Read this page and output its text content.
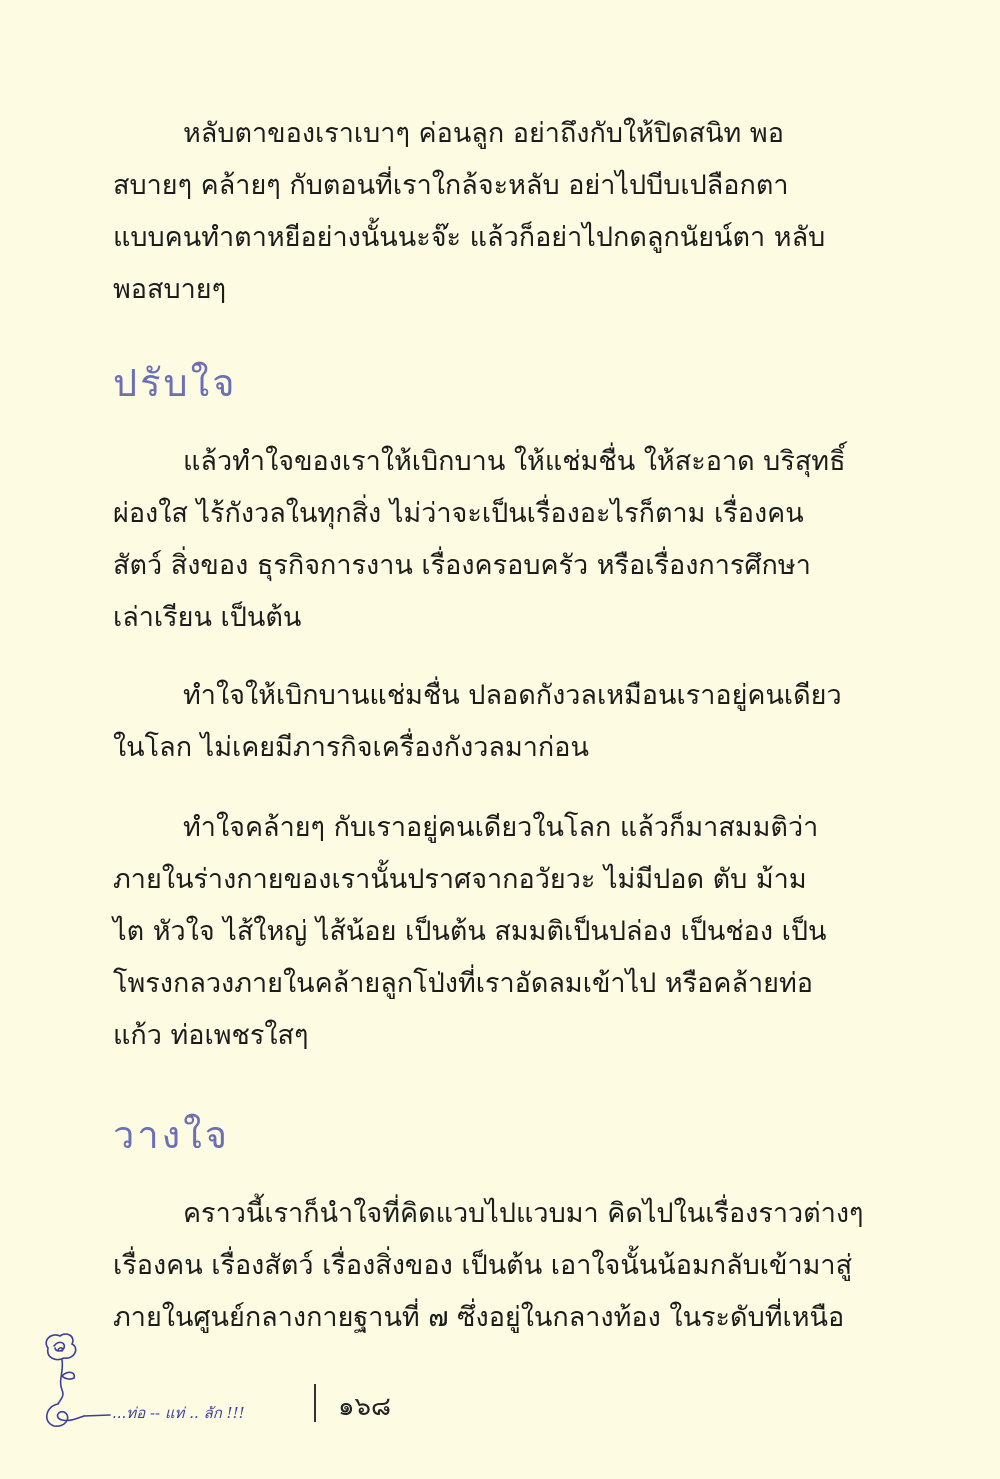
หลับตาของเราเบาๆ ค่อนลูก อย่าถึงกับให้ปิดสนิท พอ
สบายๆ คล้ายๆ กับตอนที่เราใกล้จะหลับ อย่าไปบีบเปลือกตา
แบบคนทำตาหยีอย่างนั้นนะจ๊ะ แล้วก็อย่าไปกดลูกนัยน์ตา หลับ
พอสบายๆ
ปรับใจ
แล้วทำใจของเราให้เบิกบาน ให้แช่มชื่น ให้สะอาด บริสุทธิ์
ผ่องใส ไร้กังวลในทุกสิ่ง ไม่ว่าจะเป็นเรื่องอะไรก็ตาม เรื่องคน
สัตว์ สิ่งของ ธุรกิจการงาน เรื่องครอบครัว หรือเรื่องการศึกษา
เล่าเรียน เป็นต้น
ทำใจให้เบิกบานแช่มชื่น ปลอดกังวลเหมือนเราอยู่คนเดียว
ในโลก ไม่เคยมีภารกิจเครื่องกังวลมาก่อน
ทำใจคล้ายๆ กับเราอยู่คนเดียวในโลก แล้วก็มาสมมติว่า
ภายในร่างกายของเรานั้นปราศจากอวัยวะ ไม่มีปอด ตับ ม้าม
ไต หัวใจ ไส้ใหญ่ ไส้น้อย เป็นต้น สมมติเป็นปล่อง เป็นช่อง เป็น
โพรงกลวงภายในคล้ายลูกโป่งที่เราอัดลมเข้าไป หรือคล้ายท่อ
แก้ว ท่อเพชรใสๆ
วางใจ
คราวนี้เราก็นำใจที่คิดแวบไปแวบมา คิดไปในเรื่องราวต่างๆ
เรื่องคน เรื่องสัตว์ เรื่องสิ่งของ เป็นต้น เอาใจนั้นน้อมกลับเข้ามาสู่
ภายในศูนย์กลางกายฐานที่ ๗ ซึ่งอยู่ในกลางท้อง ในระดับที่เหนือ
...ท่อ -- แท่ .. ลัก !!!	๑๖๘
